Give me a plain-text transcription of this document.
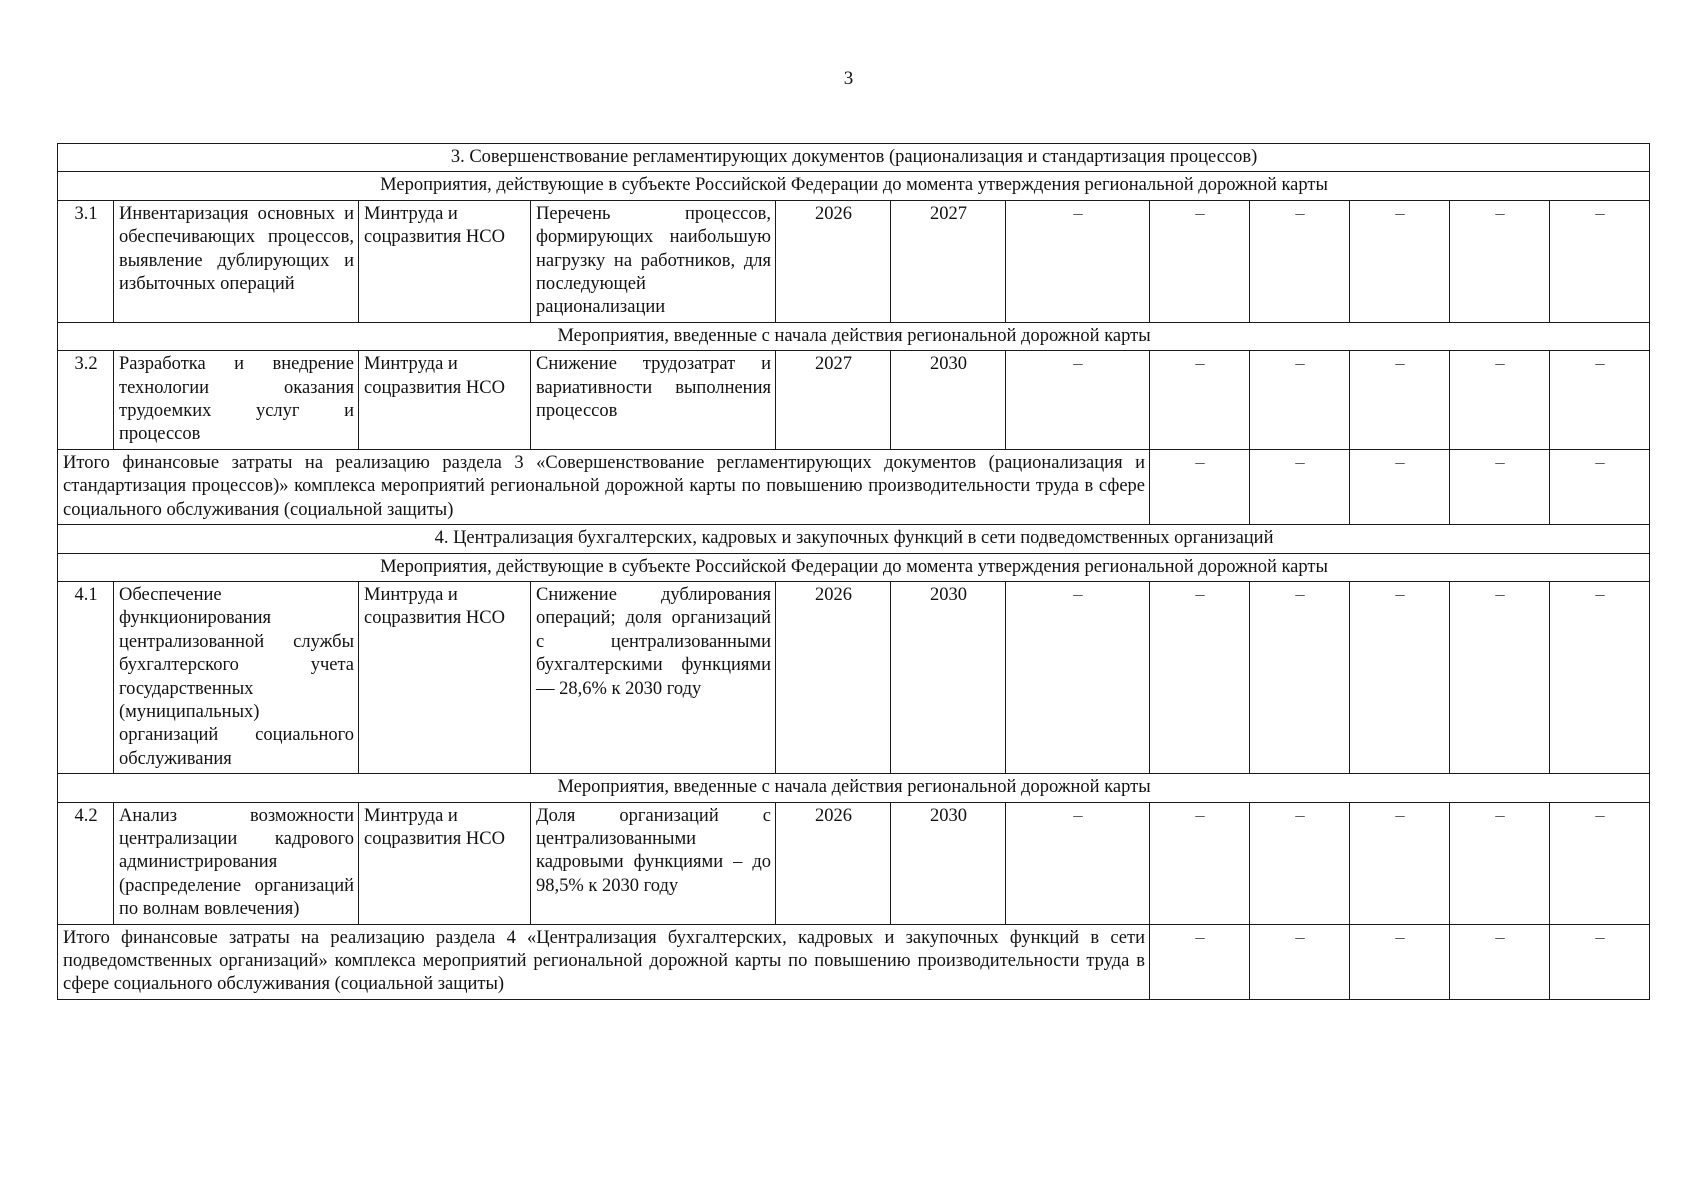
3
3. Совершенствование регламентирующих документов (рационализация и стандартизация процессов)											
Мероприятия, действующие в субъекте Российской Федерации до момента утверждения региональной дорожной карты											
3.1	Инвентаризация основных и обеспечивающих процессов, выявление дублирующих и избыточных операций	Минтруда и соцразвития НСО	Перечень процессов, формирующих наибольшую нагрузку на работников, для последующей рационализации	2026	2027	–	–	–	–	–	–
Мероприятия, введенные с начала действия региональной дорожной карты											
3.2	Разработка и внедрение технологии оказания трудоемких услуг и процессов	Минтруда и соцразвития НСО	Снижение трудозатрат и вариативности выполнения процессов	2027	2030	–	–	–	–	–	–
Итого финансовые затраты на реализацию раздела 3 «Совершенствование регламентирующих документов (рационализация и стандартизация процессов)» комплекса мероприятий региональной дорожной карты по повышению производительности труда в сфере социального обслуживания (социальной защиты)							–	–	–	–	–
4. Централизация бухгалтерских, кадровых и закупочных функций в сети подведомственных организаций											
Мероприятия, действующие в субъекте Российской Федерации до момента утверждения региональной дорожной карты											
4.1	Обеспечение функционирования централизованной службы бухгалтерского учета государственных (муниципальных) организаций социального обслуживания	Минтруда и соцразвития НСО	Снижение дублирования операций; доля организаций с централизованными бухгалтерскими функциями — 28,6% к 2030 году	2026	2030	–	–	–	–	–	–
Мероприятия, введенные с начала действия региональной дорожной карты											
4.2	Анализ возможности централизации кадрового администрирования (распределение организаций по волнам вовлечения)	Минтруда и соцразвития НСО	Доля организаций с централизованными кадровыми функциями – до 98,5% к 2030 году	2026	2030	–	–	–	–	–	–
Итого финансовые затраты на реализацию раздела 4 «Централизация бухгалтерских, кадровых и закупочных функций в сети подведомственных организаций» комплекса мероприятий региональной дорожной карты по повышению производительности труда в сфере социального обслуживания (социальной защиты)							–	–	–	–	–
